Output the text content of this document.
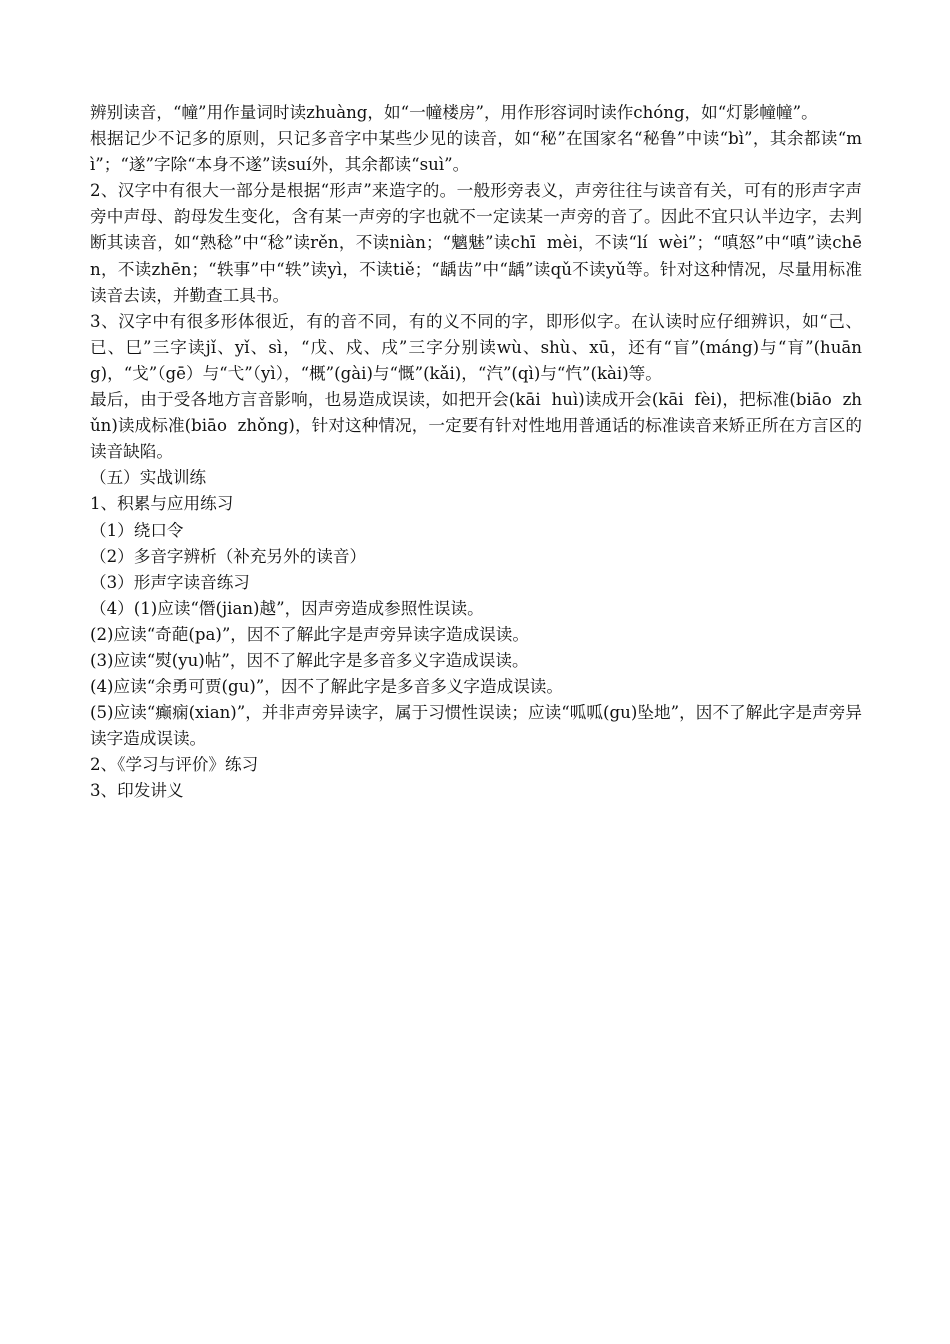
辨别读音，“幢”用作量词时读zhuàng，如“一幢楼房”，用作形容词时读作chóng，如“灯影幢幢”。

根据记少不记多的原则，只记多音字中某些少见的读音，如“秘”在国家名“秘鲁”中读“bì”，其余都读“mì”；“遂”字除“本身不遂”读suí外，其余都读“suì”。

2、汉字中有很大一部分是根据“形声”来造字的。一般形旁表义，声旁往往与读音有关，可有的形声字声旁中声母、韵母发生变化，含有某一声旁的字也就不一定读某一声旁的音了。因此不宜只认半边字，去判断其读音，如“熟稔”中“稔”读rěn，不读niàn；“魑魅”读chī  mèi，不读“lí  wèi”；“嗔怒”中“嗔”读chēn，不读zhēn；“轶事”中“轶”读yì，不读tiě；“龋齿”中“龋”读qǔ不读yǔ等。针对这种情况，尽量用标准读音去读，并勤查工具书。

3、汉字中有很多形体很近，有的音不同，有的义不同的字，即形似字。在认读时应仔细辨识，如“己、已、巳”三字读jǐ、yǐ、sì，“戊、戍、戌”三字分别读wù、shù、xū，还有“盲”(máng)与“肓”(huāng)，“戈”（gē）与“弋”（yì），“概”(gài)与“慨”(kǎi)，“汽”(qì)与“忾”(kài)等。

最后，由于受各地方言音影响，也易造成误读，如把开会(kāi  huì)读成开会(kāi  fèi)，把标准(biāo  zhǔn)读成标准(biāo  zhǒng)，针对这种情况，一定要有针对性地用普通话的标准读音来矫正所在方言区的读音缺陷。

（五）实战训练

1、积累与应用练习

（1）绕口令

（2）多音字辨析（补充另外的读音）

（3）形声字读音练习

（4）(1)应读“僭(jian)越”，因声旁造成参照性误读。

(2)应读“奇葩(pa)”，因不了解此字是声旁异读字造成误读。

(3)应读“熨(yu)帖”，因不了解此字是多音多义字造成误读。

(4)应读“余勇可贾(gu)”，因不了解此字是多音多义字造成误读。

(5)应读“癫痫(xian)”，并非声旁异读字，属于习惯性误读；应读“呱呱(gu)坠地”，因不了解此字是声旁异读字造成误读。

2、《学习与评价》练习

3、印发讲义
